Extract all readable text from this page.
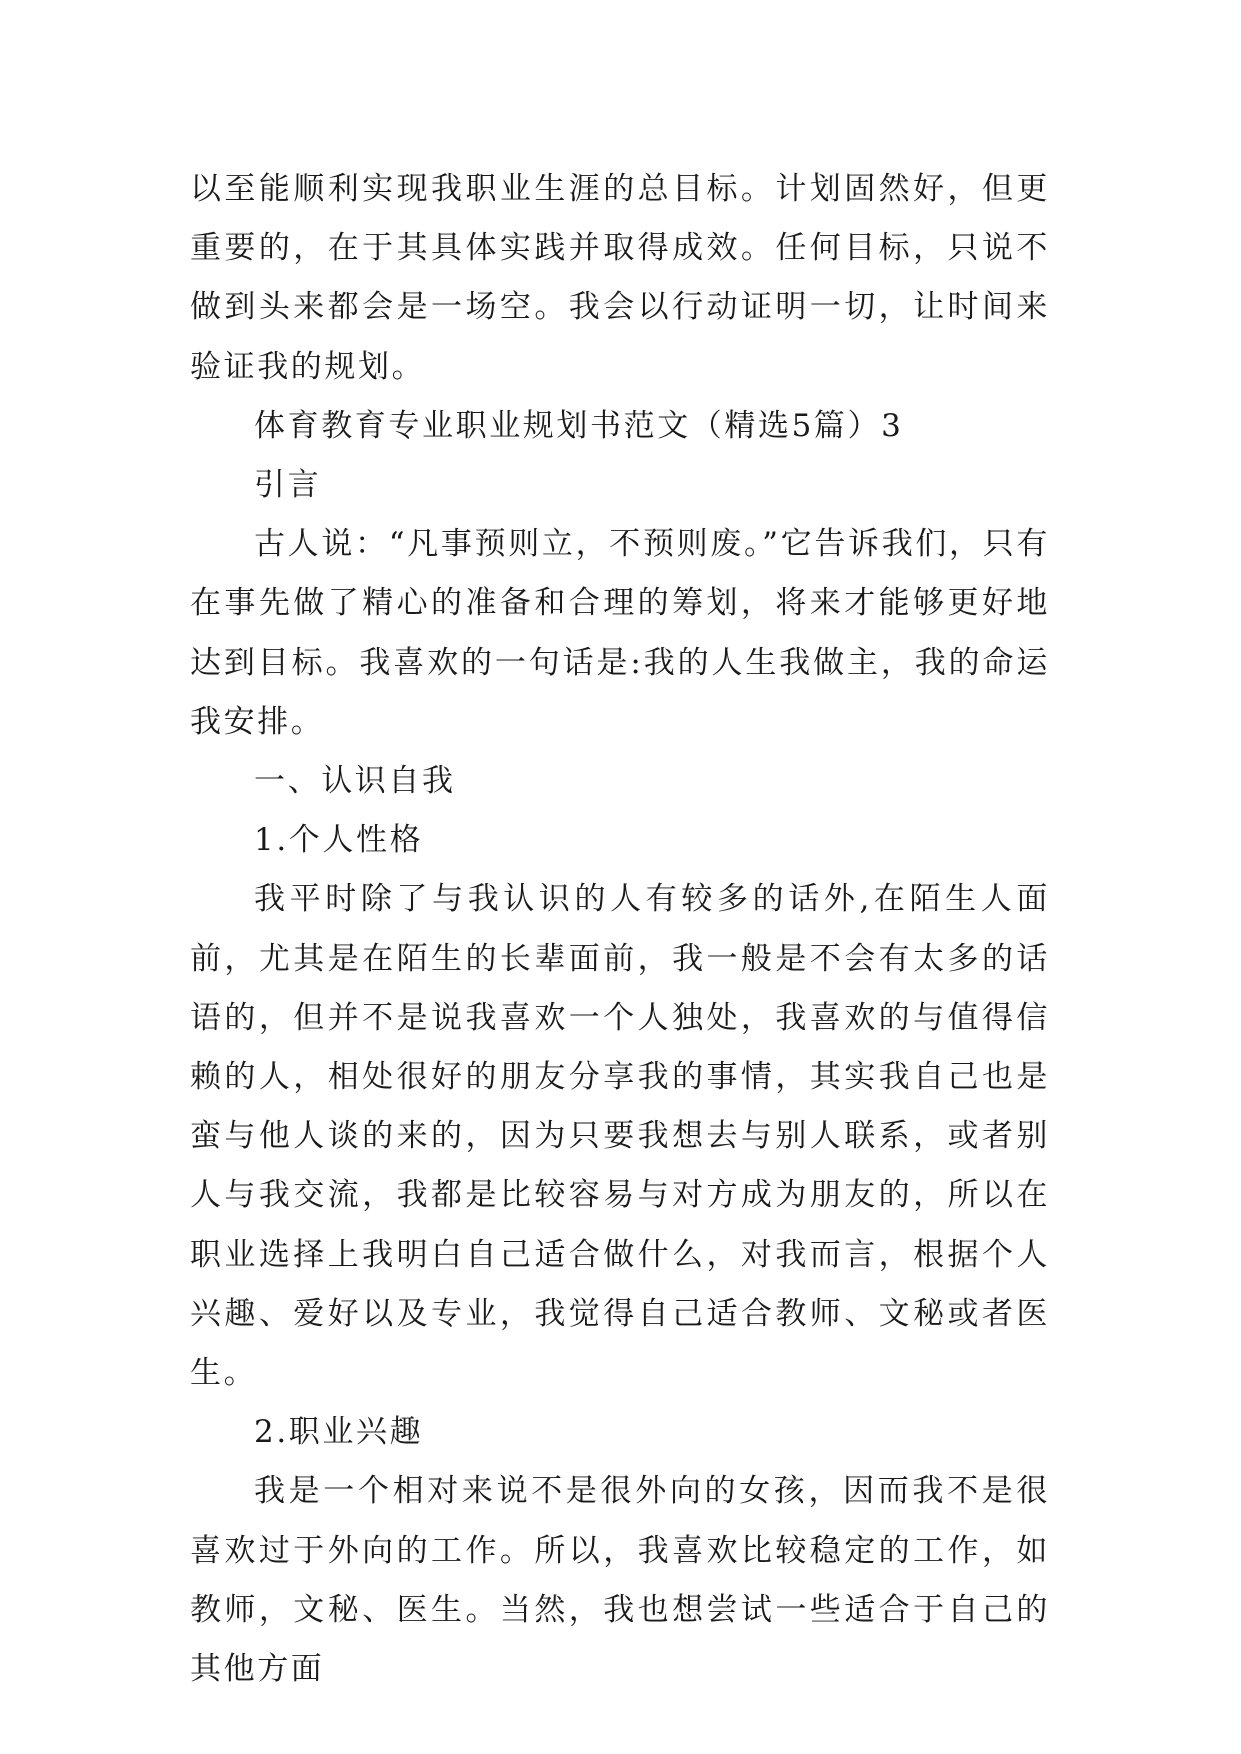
以至能顺利实现我职业生涯的总目标。计划固然好，但更重要的，在于其具体实践并取得成效。任何目标，只说不做到头来都会是一场空。我会以行动证明一切，让时间来验证我的规划。

体育教育专业职业规划书范文（精选5篇）3

引言

古人说：“凡事预则立，不预则废。”它告诉我们，只有在事先做了精心的准备和合理的筹划，将来才能够更好地达到目标。我喜欢的一句话是:我的人生我做主，我的命运我安排。

一、认识自我

1.个人性格

我平时除了与我认识的人有较多的话外,在陌生人面前，尤其是在陌生的长辈面前，我一般是不会有太多的话语的，但并不是说我喜欢一个人独处，我喜欢的与值得信赖的人，相处很好的朋友分享我的事情，其实我自己也是蛮与他人谈的来的，因为只要我想去与别人联系，或者别人与我交流，我都是比较容易与对方成为朋友的，所以在职业选择上我明白自己适合做什么，对我而言，根据个人兴趣、爱好以及专业，我觉得自己适合教师、文秘或者医生。

2.职业兴趣

我是一个相对来说不是很外向的女孩，因而我不是很喜欢过于外向的工作。所以，我喜欢比较稳定的工作，如教师，文秘、医生。当然，我也想尝试一些适合于自己的其他方面
